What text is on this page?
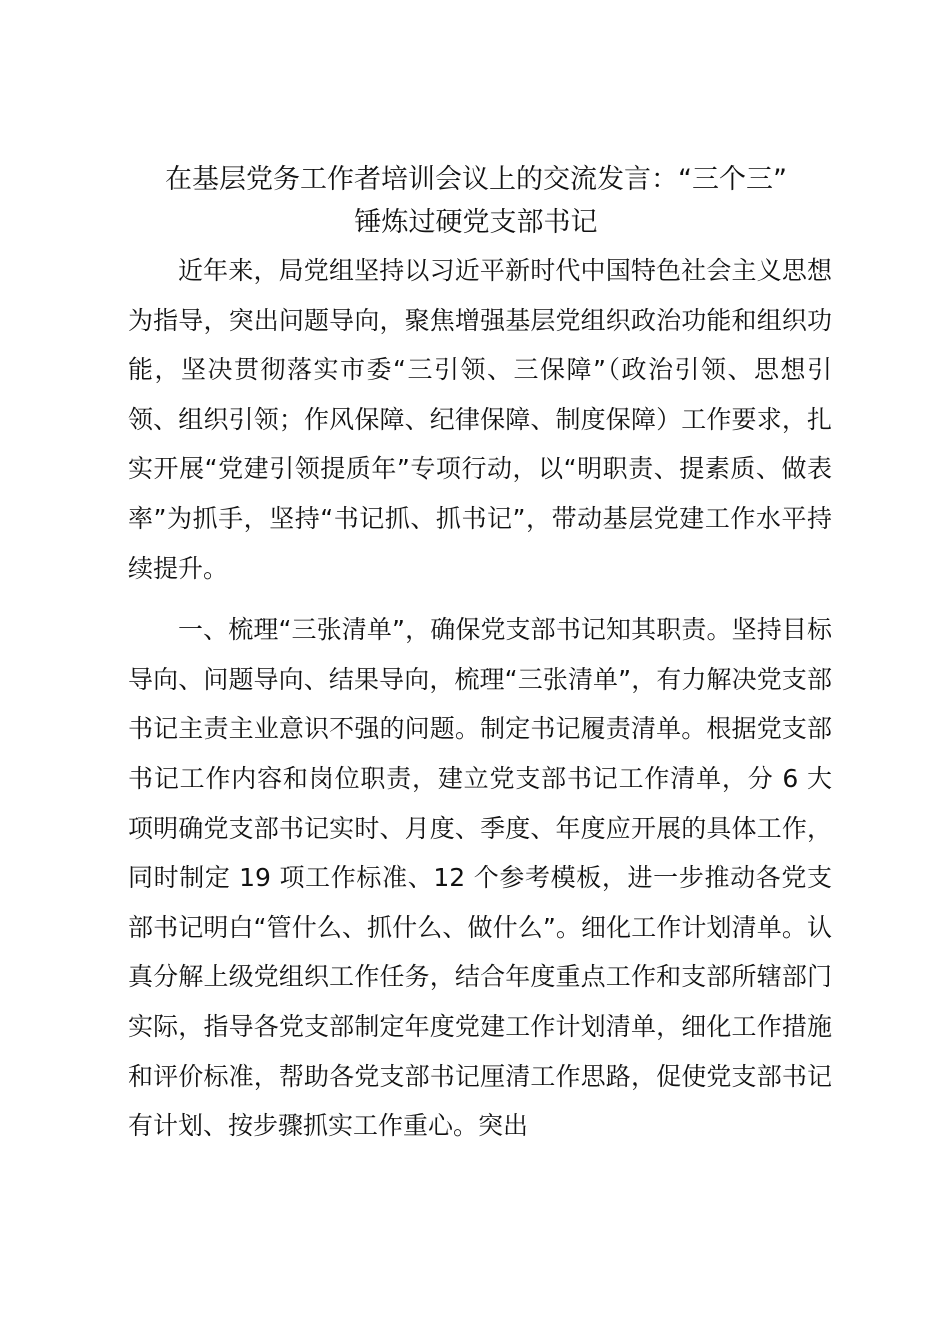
在基层党务工作者培训会议上的交流发言：“三个三”
锤炼过硬党支部书记

近年来，局党组坚持以习近平新时代中国特色社会主义思想为指导，突出问题导向，聚焦增强基层党组织政治功能和组织功能，坚决贯彻落实市委“三引领、三保障”（政治引领、思想引领、组织引领；作风保障、纪律保障、制度保障）工作要求，扎实开展“党建引领提质年”专项行动，以“明职责、提素质、做表率”为抓手，坚持“书记抓、抓书记”，带动基层党建工作水平持续提升。

一、梳理“三张清单”，确保党支部书记知其职责。坚持目标导向、问题导向、结果导向，梳理“三张清单”，有力解决党支部书记主责主业意识不强的问题。制定书记履责清单。根据党支部书记工作内容和岗位职责，建立党支部书记工作清单，分 6 大项明确党支部书记实时、月度、季度、年度应开展的具体工作，同时制定 19 项工作标准、12 个参考模板，进一步推动各党支部书记明白“管什么、抓什么、做什么”。细化工作计划清单。认真分解上级党组织工作任务，结合年度重点工作和支部所辖部门实际，指导各党支部制定年度党建工作计划清单，细化工作措施和评价标准，帮助各党支部书记厘清工作思路，促使党支部书记有计划、按步骤抓实工作重心。突出
